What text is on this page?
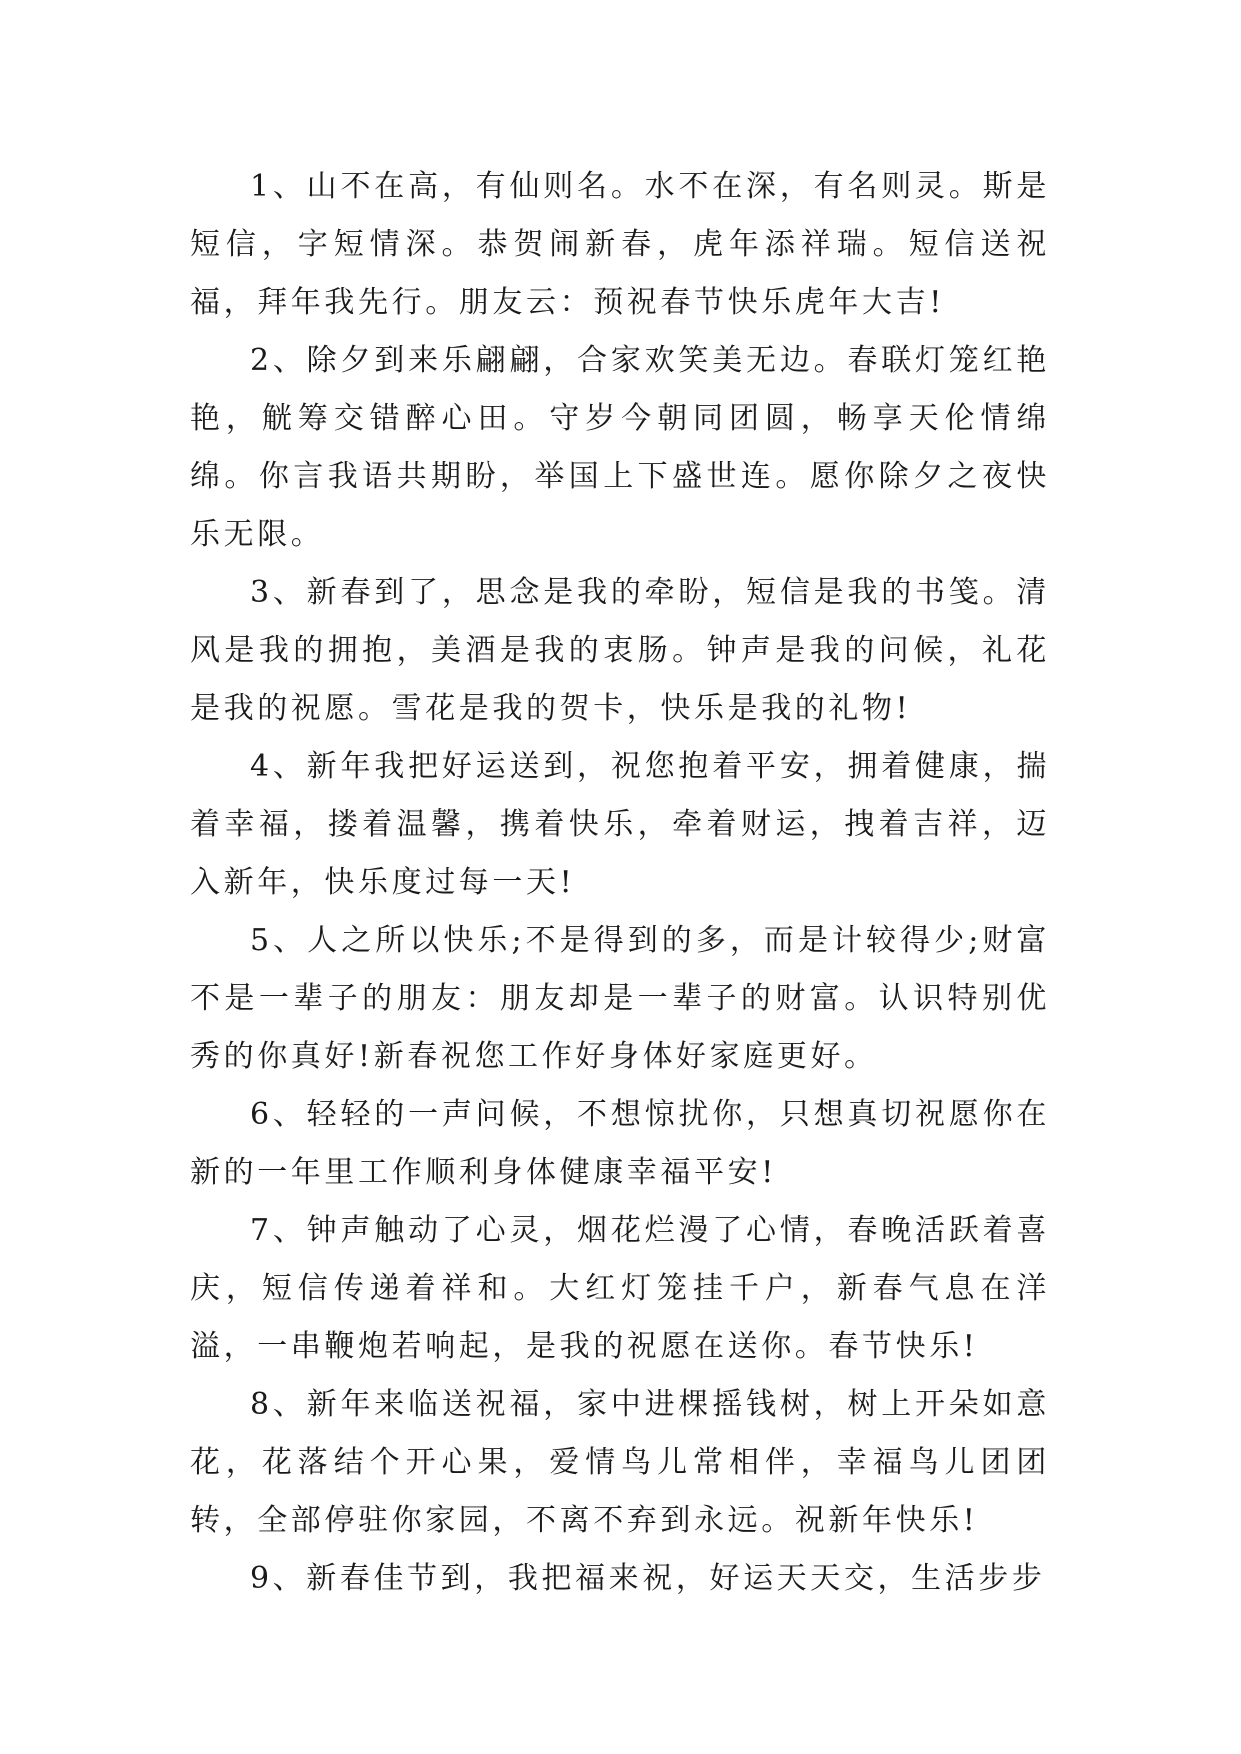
1、山不在高，有仙则名。水不在深，有名则灵。斯是短信，字短情深。恭贺闹新春，虎年添祥瑞。短信送祝福，拜年我先行。朋友云：预祝春节快乐虎年大吉!

2、除夕到来乐翩翩，合家欢笑美无边。春联灯笼红艳艳，觥筹交错醉心田。守岁今朝同团圆，畅享天伦情绵绵。你言我语共期盼，举国上下盛世连。愿你除夕之夜快乐无限。

3、新春到了，思念是我的牵盼，短信是我的书笺。清风是我的拥抱，美酒是我的衷肠。钟声是我的问候，礼花是我的祝愿。雪花是我的贺卡，快乐是我的礼物!

4、新年我把好运送到，祝您抱着平安，拥着健康，揣着幸福，搂着温馨，携着快乐，牵着财运，拽着吉祥，迈入新年，快乐度过每一天!

5、人之所以快乐;不是得到的多，而是计较得少;财富不是一辈子的朋友：朋友却是一辈子的财富。认识特别优秀的你真好!新春祝您工作好身体好家庭更好。

6、轻轻的一声问候，不想惊扰你，只想真切祝愿你在新的一年里工作顺利身体健康幸福平安!

7、钟声触动了心灵，烟花烂漫了心情，春晚活跃着喜庆，短信传递着祥和。大红灯笼挂千户，新春气息在洋溢，一串鞭炮若响起，是我的祝愿在送你。春节快乐!

8、新年来临送祝福，家中进棵摇钱树，树上开朵如意花，花落结个开心果，爱情鸟儿常相伴，幸福鸟儿团团转，全部停驻你家园，不离不弃到永远。祝新年快乐!

9、新春佳节到，我把福来祝，好运天天交，生活步步
